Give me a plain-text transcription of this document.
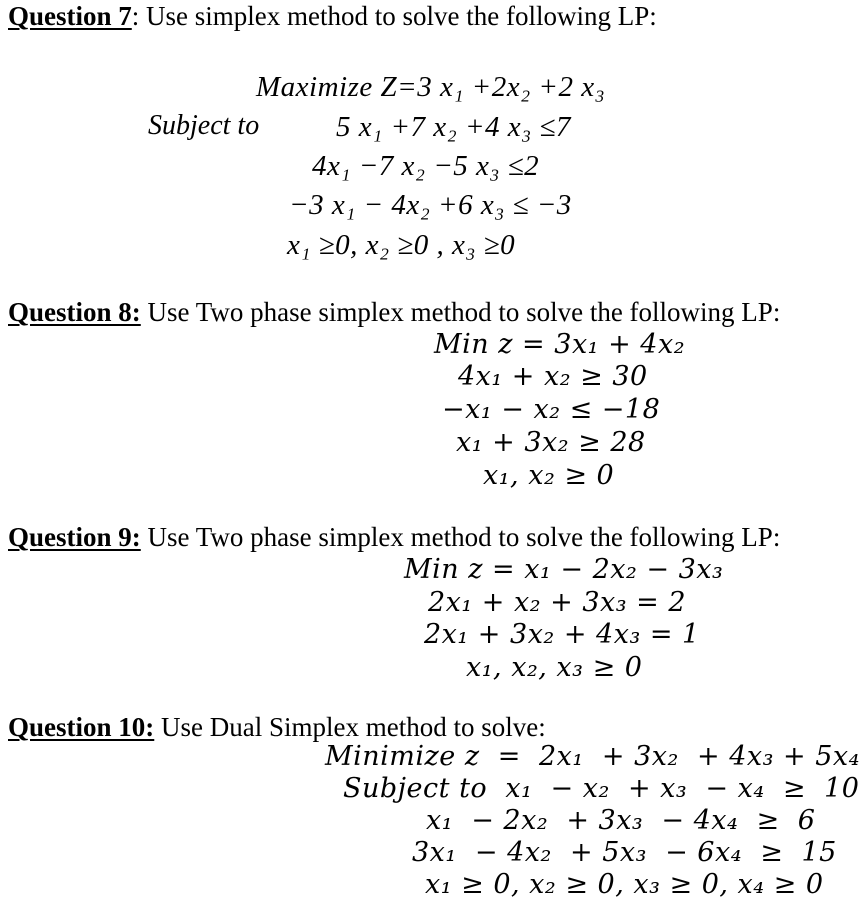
Question 7: Use simplex method to solve the following LP:
Maximize Z=3 x₁ +2x₂ +2 x₃
Subject to	5 x₁ +7 x₂ +4 x₃ ≤7
4x₁ −7 x₂ −5 x₃ ≤2
−3 x₁ − 4x₂ +6 x₃ ≤ −3
x₁ ≥0, x₂ ≥0 , x₃ ≥0
Question 8: Use Two phase simplex method to solve the following LP:
Min z = 3x₁ + 4x₂
4x₁ + x₂ ≥ 30
−x₁ − x₂ ≤ −18
x₁ + 3x₂ ≥ 28
x₁, x₂ ≥ 0
Question 9: Use Two phase simplex method to solve the following LP:
Min z = x₁ − 2x₂ − 3x₃
2x₁ + x₂ + 3x₃ = 2
2x₁ + 3x₂ + 4x₃ = 1
x₁, x₂, x₃ ≥ 0
Question 10: Use Dual Simplex method to solve:
Minimize z  =  2x₁  + 3x₂  + 4x₃ + 5x₄
Subject to  x₁  − x₂  + x₃  − x₄  ≥  10
x₁  − 2x₂  + 3x₃  − 4x₄  ≥  6
3x₁  − 4x₂  + 5x₃  − 6x₄  ≥  15
x₁ ≥ 0, x₂ ≥ 0, x₃ ≥ 0, x₄ ≥ 0
